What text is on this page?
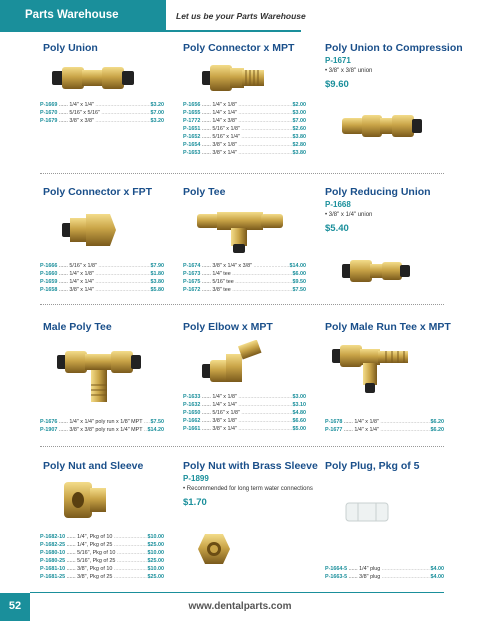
Parts Warehouse	Let us be your Parts Warehouse
Poly Union
P-1669 ...... 1/4" x 1/4" .....	$3.20
P-1670 ...... 5/16" x 5/16" .....	$7.00
P-1679 ...... 3/8" x 3/8" .....	$3.20
Poly Connector x MPT
P-1656 ...... 1/4" x 1/8" .....	$2.00
P-1655 ...... 1/4" x 1/4" .....	$3.00
P-1772 ...... 1/4" x 3/8" .....	$7.00
P-1651 ...... 5/16" x 1/8" .....	$2.60
P-1652 ...... 5/16" x 1/4" .....	$3.80
P-1654 ...... 3/8" x 1/8" .....	$2.80
P-1653 ...... 3/8" x 1/4" .....	$3.80
Poly Union to Compression
P-1671
• 3/8" x 3/8" union
$9.60
Poly Connector x FPT
P-1666 ...... 5/16" x 1/8" .....	$7.90
P-1660 ...... 1/4" x 1/8" .....	$1.80
P-1659 ...... 1/4" x 1/4" .....	$3.80
P-1658 ...... 3/8" x 1/4" .....	$5.80
Poly Tee
P-1674 ...... 3/8" x 1/4" x 3/8" .....	$14.00
P-1673 ...... 1/4" tee .....	$6.00
P-1675 ...... 5/16" tee .....	$9.50
P-1672 ...... 3/8" tee .....	$7.50
Poly Reducing Union
P-1668
• 3/8" x 1/4" union
$5.40
Male Poly Tee
P-1676 ...... 1/4" x 1/4" poly run x 1/8" MPT .....	$7.50
P-1907 ...... 3/8" x 3/8" poly run x 1/4" MPT ..... $14.20
Poly Elbow x MPT
P-1633 ...... 1/4" x 1/8" .....	$3.00
P-1632 ...... 1/4" x 1/4" .....	$3.10
P-1650 ...... 5/16" x 1/8" .....	$4.80
P-1662 ...... 3/8" x 1/8" .....	$6.60
P-1661 ...... 3/8" x 1/4" .....	$5.00
Poly Male Run Tee x MPT
P-1678 ...... 1/4" x 1/8" .....	$6.20
P-1677 ...... 1/4" x 1/4" .....	$6.20
Poly Nut and Sleeve
P-1682-10 ...... 1/4", Pkg of 10 .....	$10.00
P-1682-25 ...... 1/4", Pkg of 25 .....	$25.00
P-1680-10 ...... 5/16", Pkg of 10 .....	$10.00
P-1680-25 ...... 5/16", Pkg of 25 .....	$25.00
P-1681-10 ...... 3/8", Pkg of 10 .....	$10.00
P-1681-25 ...... 3/8", Pkg of 25 .....	$25.00
Poly Nut with Brass Sleeve
P-1899
• Recommended for long term water connections
$1.70
Poly Plug, Pkg of 5
P-1664-5 ...... 1/4" plug .....	$4.00
P-1663-5 ...... 3/8" plug .....	$4.00
52	www.dentalparts.com
